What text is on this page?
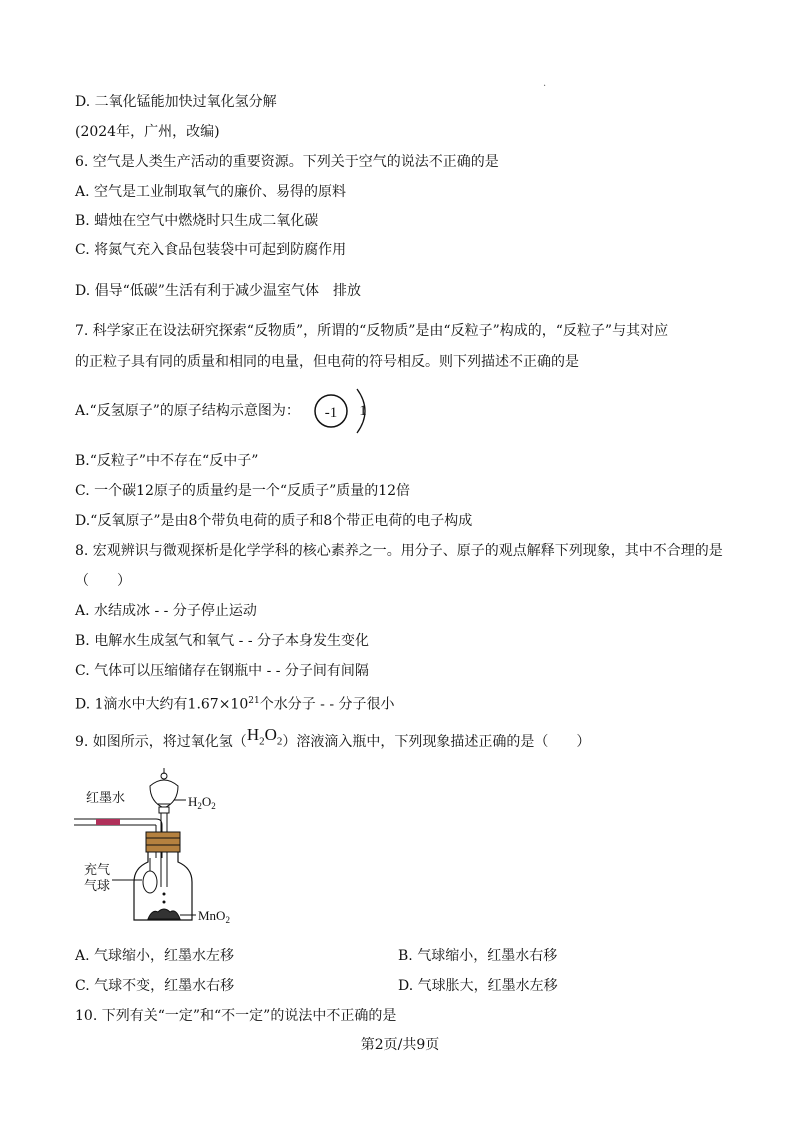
.
D. 二氧化锰能加快过氧化氢分解
(2024年，广州，改编)
6. 空气是人类生产活动的重要资源。下列关于空气的说法不正确的是
A. 空气是工业制取氧气的廉价、易得的原料
B. 蜡烛在空气中燃烧时只生成二氧化碳
C. 将氮气充入食品包装袋中可起到防腐作用
D. 倡导“低碳”生活有利于减少温室气体　排放
7. 科学家正在设法研究探索“反物质”，所谓的“反物质”是由“反粒子”构成的，“反粒子”与其对应
的正粒子具有同的质量和相同的电量，但电荷的符号相反。则下列描述不正确的是
A.“反氢原子”的原子结构示意图为： -1 1
B.“反粒子”中不存在“反中子”
C. 一个碳12原子的质量约是一个“反质子”质量的12倍
D.“反氧原子”是由8个带负电荷的质子和8个带正电荷的电子构成
8. 宏观辨识与微观探析是化学学科的核心素养之一。用分子、原子的观点解释下列现象，其中不合理的是
（　　）
A. 水结成冰 - - 分子停止运动
B. 电解水生成氢气和氧气 - - 分子本身发生变化
C. 气体可以压缩储存在钢瓶中 - - 分子间有间隔
D. 1滴水中大约有$1.67\times 10^{21}$个水分子 - - 分子很小
9. 如图所示，将过氧化氢$(H_2O_2)$溶液滴入瓶中，下列现象描述正确的是（　　）
红墨水	$H_2O_2$
MnO$_2$
充气
气球
A. 气球缩小，红墨水左移	B. 气球缩小，红墨水右移
C. 气球不变，红墨水右移	D. 气球胀大，红墨水左移
10. 下列有关“一定”和“不一定”的说法中不正确的是
第2页/共9页
